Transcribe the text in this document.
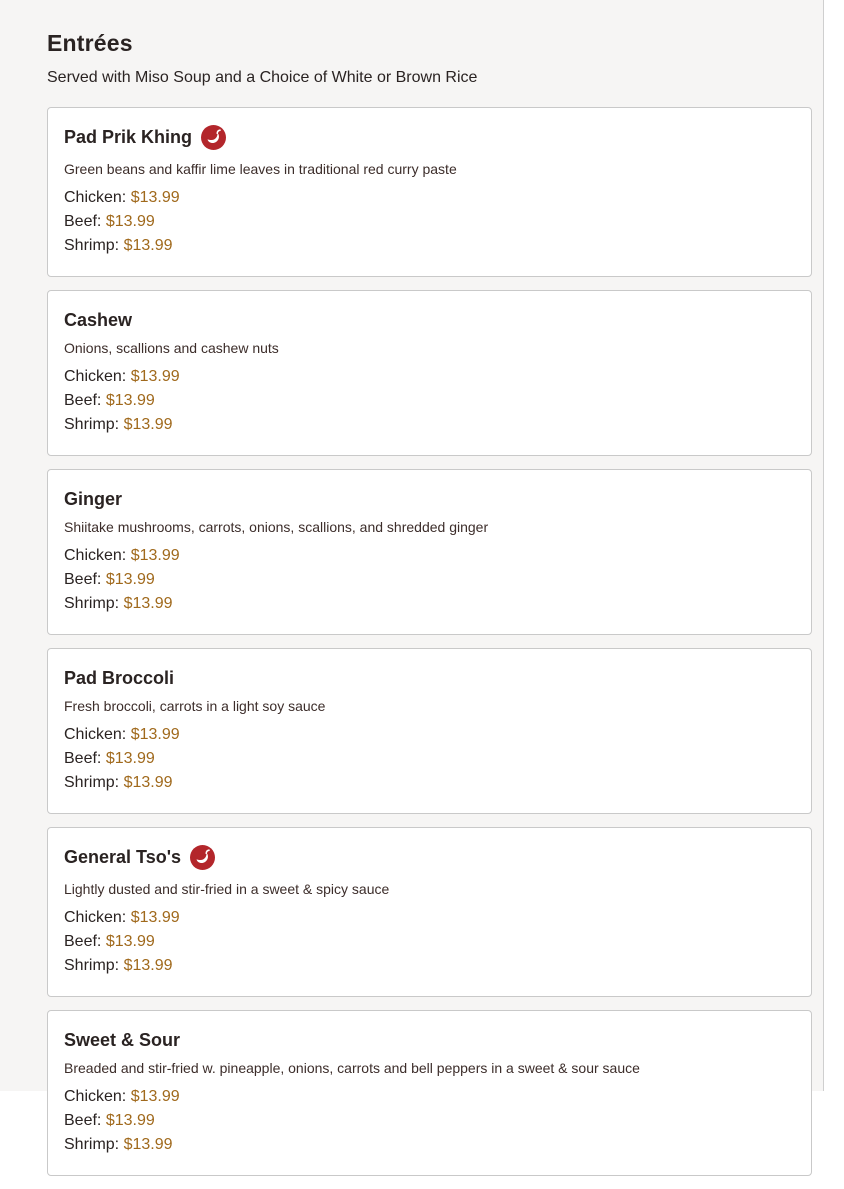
Entrées

Served with Miso Soup and a Choice of White or Brown Rice

Pad Prik Khing
Green beans and kaffir lime leaves in traditional red curry paste
Chicken: $13.99
Beef: $13.99
Shrimp: $13.99
Cashew
Onions, scallions and cashew nuts
Chicken: $13.99
Beef: $13.99
Shrimp: $13.99
Ginger
Shiitake mushrooms, carrots, onions, scallions, and shredded ginger
Chicken: $13.99
Beef: $13.99
Shrimp: $13.99
Pad Broccoli
Fresh broccoli, carrots in a light soy sauce
Chicken: $13.99
Beef: $13.99
Shrimp: $13.99
General Tso's
Lightly dusted and stir-fried in a sweet & spicy sauce
Chicken: $13.99
Beef: $13.99
Shrimp: $13.99
Sweet & Sour
Breaded and stir-fried w. pineapple, onions, carrots and bell peppers in a sweet & sour sauce
Chicken: $13.99
Beef: $13.99
Shrimp: $13.99
